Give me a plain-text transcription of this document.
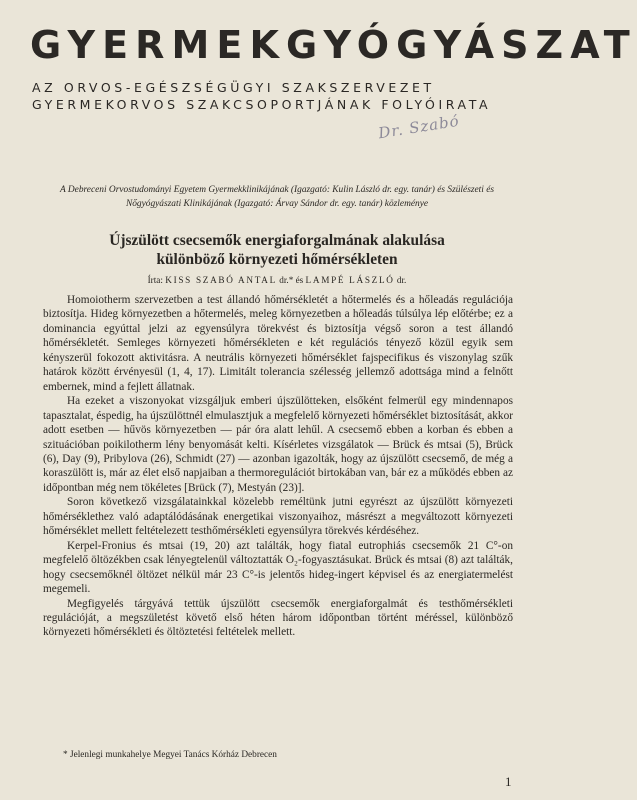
GYERMEKGYÓGYÁSZAT
AZ ORVOS-EGÉSZSÉGÜGYI SZAKSZERVEZET
GYERMEKORVOS SZAKCSOPORTJÁNAK FOLYÓIRATA
Dr. Szabó
A Debreceni Orvostudományi Egyetem Gyermekklinikájának (Igazgató: Kulin László dr. egy. tanár) és Szülészeti és Nőgyógyászati Klinikájának (Igazgató: Árvay Sándor dr. egy. tanár) közleménye
Újszülött csecsemők energiaforgalmának alakulása
különböző környezeti hőmérsékleten
Írta: KISS SZABÓ ANTAL dr.* és LAMPÉ LÁSZLÓ dr.

Homoiotherm szervezetben a test állandó hőmérsékletét a hőtermelés és a hőleadás regulációja biztosítja. Hideg környezetben a hőtermelés, meleg környezetben a hőleadás túlsúlya lép előtérbe; ez a dominancia egyúttal jelzi az egyensúlyra törekvést és biztosítja végső soron a test állandó hőmérsékletét. Semleges környezeti hőmérsékleten e két regulációs tényező közül egyik sem kényszerül fokozott aktivitásra. A neutrális környezeti hőmérséklet fajspecifikus és viszonylag szűk határok között érvényesül (1, 4, 17). Limitált tolerancia szélesség jellemző adottsága mind a felnőtt embernek, mind a fejlett állatnak.

Ha ezeket a viszonyokat vizsgáljuk emberi újszülötteken, elsőként felmerül egy mindennapos tapasztalat, éspedig, ha újszülöttnél elmulasztjuk a megfelelő környezeti hőmérséklet biztosítását, akkor adott esetben — hűvös környezetben — pár óra alatt lehűl. A csecsemő ebben a korban és ebben a szituációban poikilotherm lény benyomását kelti. Kísérletes vizsgálatok — Brück és mtsai (5), Brück (6), Day (9), Pribylova (26), Schmidt (27) — azonban igazolták, hogy az újszülött csecsemő, de még a koraszülött is, már az élet első napjaiban a thermoregulációt birtokában van, bár ez a működés ebben az időpontban még nem tökéletes [Brück (7), Mestyán (23)].

Soron következő vizsgálatainkkal közelebb reméltünk jutni egyrészt az újszülött környezeti hőmérséklethez való adaptálódásának energetikai viszonyaihoz, másrészt a megváltozott környezeti hőmérséklet mellett feltételezett testhőmérsékleti egyensúlyra törekvés kérdéséhez.

Kerpel-Fronius és mtsai (19, 20) azt találták, hogy fiatal eutrophiás csecsemők 21 C°-on megfelelő öltözékben csak lényegtelenül változtatták O₂-fogyasztásukat. Brück és mtsai (8) azt találták, hogy csecsemőknél öltözet nélkül már 23 C°-is jelentős hideg-ingert képvisel és az energiatermelést megemeli.

Megfigyelés tárgyává tettük újszülött csecsemők energiaforgalmát és testhőmérsékleti regulációját, a megszületést követő első héten három időpontban történt méréssel, különböző környezeti hőmérsékleti és öltöztetési feltételek mellett.

* Jelenlegi munkahelye Megyei Tanács Kórház Debrecen
1
